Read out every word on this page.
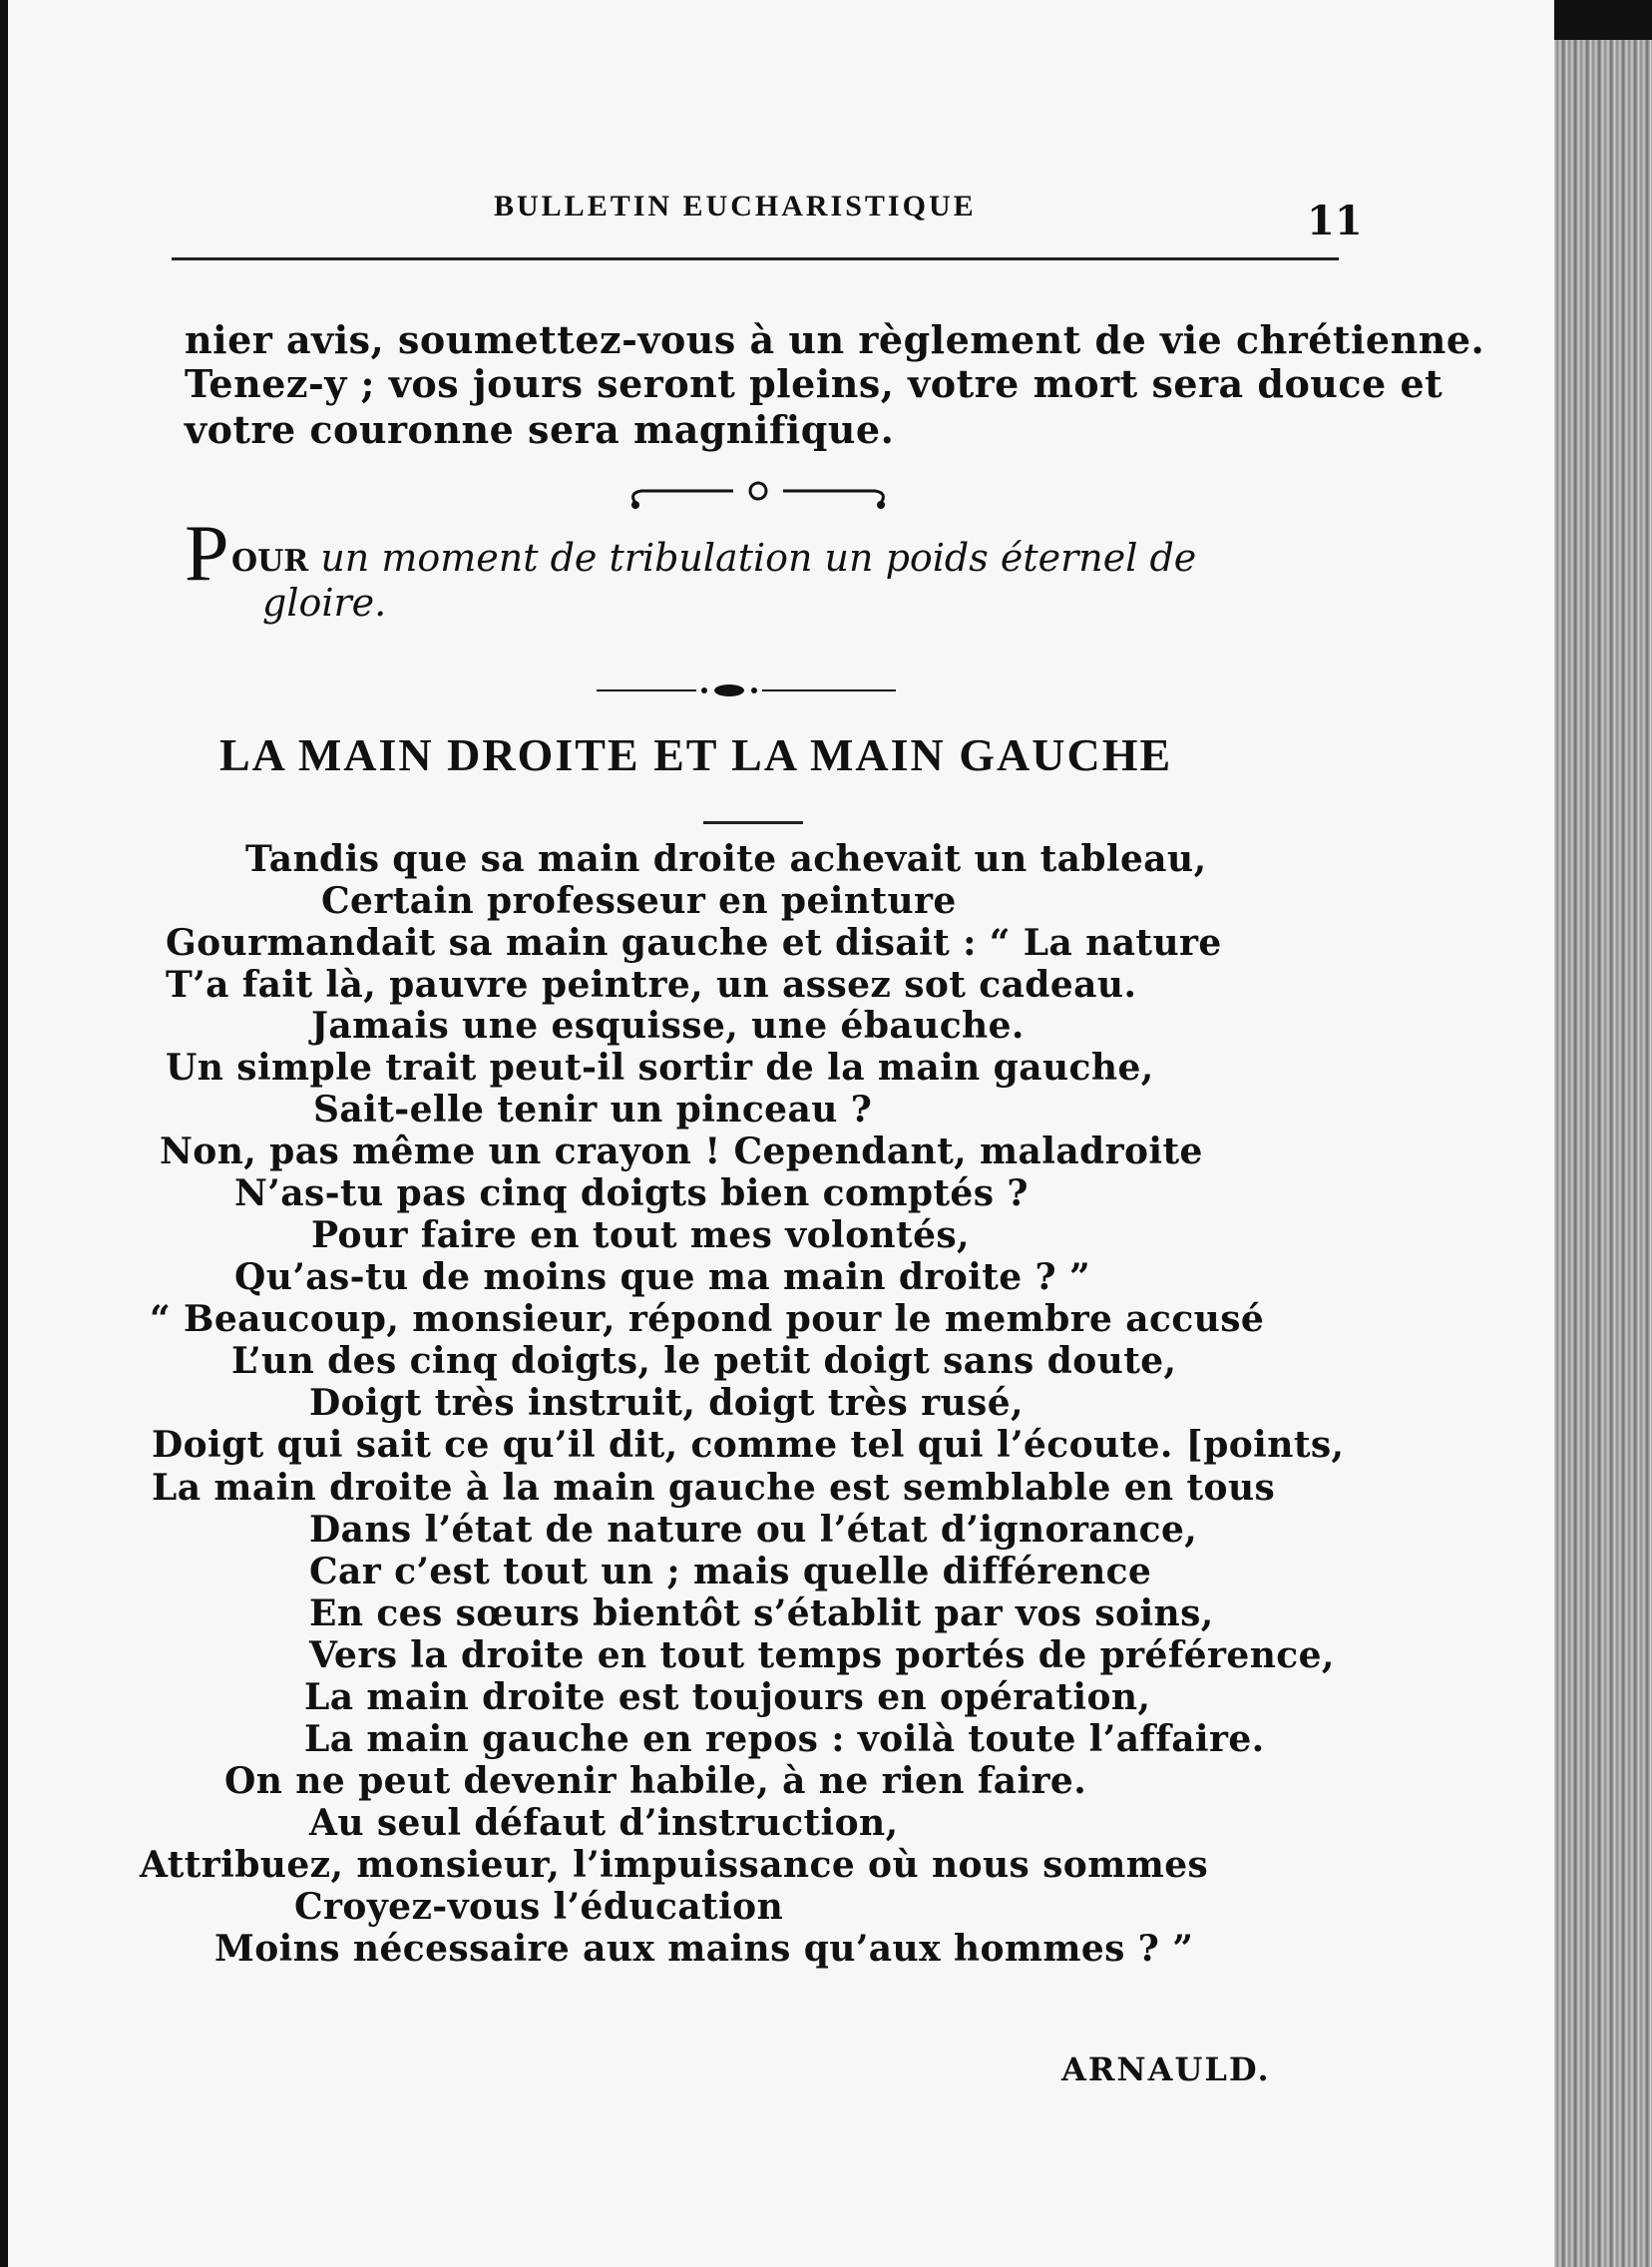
BULLETIN EUCHARISTIQUE	11
nier avis, soumettez-vous à un règlement de vie chrétienne.
Tenez-y ; vos jours seront pleins, votre mort sera douce et
votre couronne sera magnifique.
P OUR un moment de tribulation un poids éternel de
gloire.
LA MAIN DROITE ET LA MAIN GAUCHE
Tandis que sa main droite achevait un tableau,
Certain professeur en peinture
Gourmandait sa main gauche et disait : “ La nature
T’a fait là, pauvre peintre, un assez sot cadeau.
Jamais une esquisse, une ébauche.
Un simple trait peut-il sortir de la main gauche,
Sait-elle tenir un pinceau ?
Non, pas même un crayon ! Cependant, maladroite
N’as-tu pas cinq doigts bien comptés ?
Pour faire en tout mes volontés,
Qu’as-tu de moins que ma main droite ? ”
“ Beaucoup, monsieur, répond pour le membre accusé
L’un des cinq doigts, le petit doigt sans doute,
Doigt très instruit, doigt très rusé,
Doigt qui sait ce qu’il dit, comme tel qui l’écoute. [points,
La main droite à la main gauche est semblable en tous
Dans l’état de nature ou l’état d’ignorance,
Car c’est tout un ; mais quelle différence
En ces sœurs bientôt s’établit par vos soins,
Vers la droite en tout temps portés de préférence,
La main droite est toujours en opération,
La main gauche en repos : voilà toute l’affaire.
On ne peut devenir habile, à ne rien faire.
Au seul défaut d’instruction,
Attribuez, monsieur, l’impuissance où nous sommes
Croyez-vous l’éducation
Moins nécessaire aux mains qu’aux hommes ? ”
ARNAULD.
